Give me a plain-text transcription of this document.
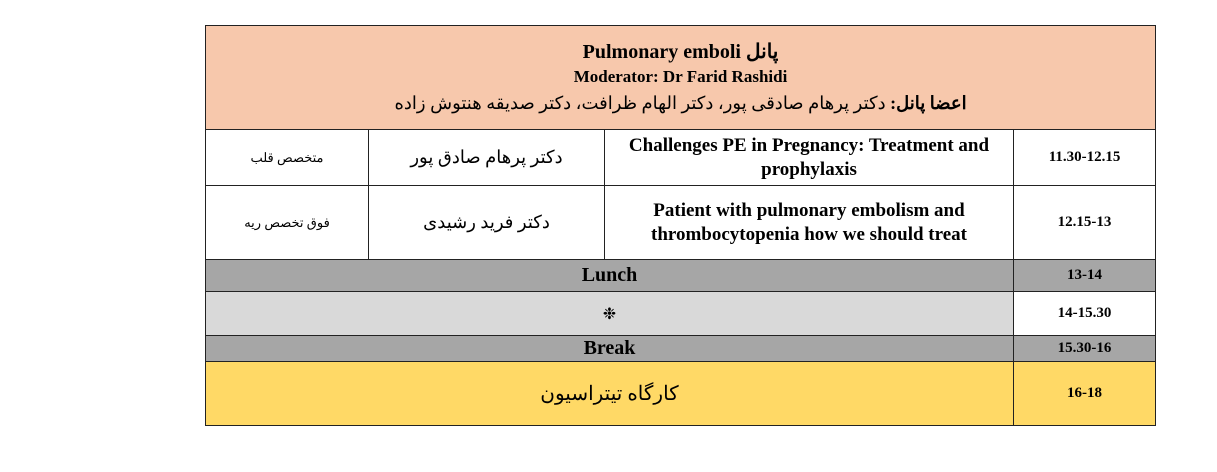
Pulmonary emboli پانل
Moderator: Dr Farid Rashidi
اعضا پانل: دکتر پرهام صادقی پور، دکتر الهام ظرافت، دکتر صدیقه هنتوش زاده			

متخصص قلب	دکتر پرهام صادق پور	Challenges PE in Pregnancy: Treatment and prophylaxis	11.30-12.15
فوق تخصص ریه	دکتر فرید رشیدی	Patient with pulmonary embolism and thrombocytopenia how we should treat	12.15-13
Lunch			13-14
❉			14-15.30
Break			15.30-16
کارگاه تیتراسیون			16-18
